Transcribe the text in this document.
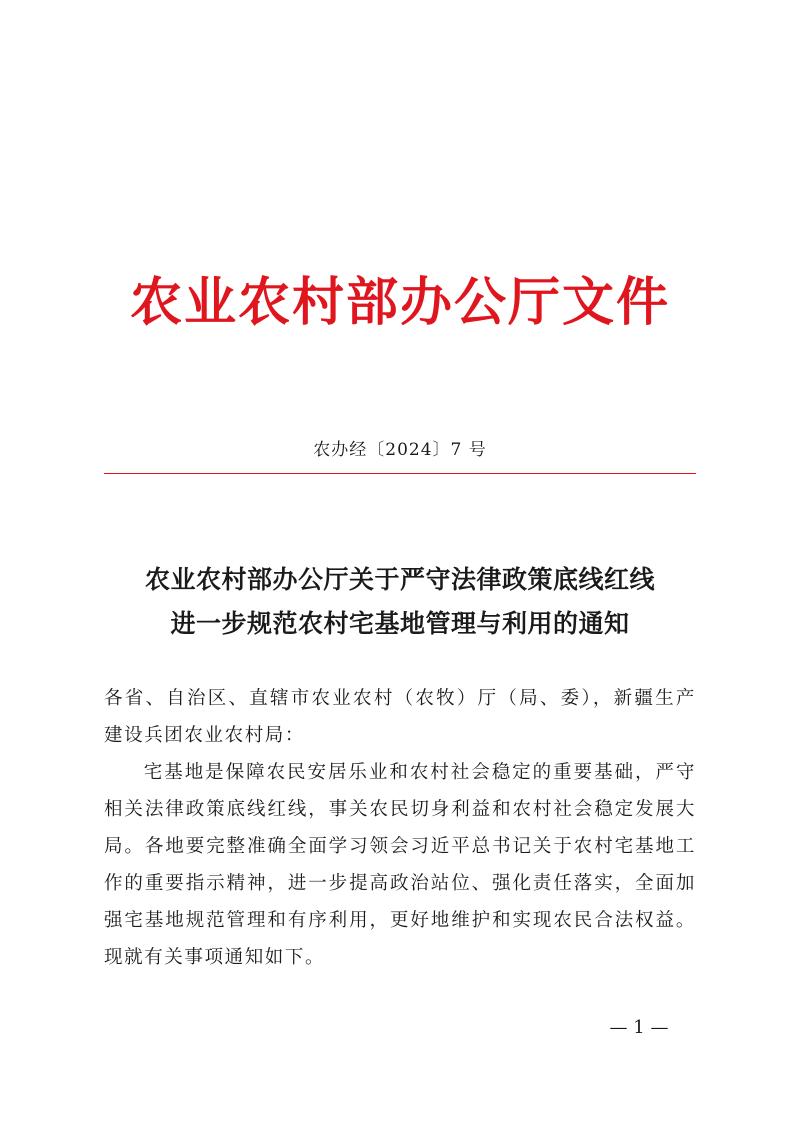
农业农村部办公厅文件
农办经〔2024〕7 号
农业农村部办公厅关于严守法律政策底线红线
进一步规范农村宅基地管理与利用的通知

各省、自治区、直辖市农业农村（农牧）厅（局、委），新疆生产建设兵团农业农村局：

宅基地是保障农民安居乐业和农村社会稳定的重要基础，严守相关法律政策底线红线，事关农民切身利益和农村社会稳定发展大局。各地要完整准确全面学习领会习近平总书记关于农村宅基地工作的重要指示精神，进一步提高政治站位、强化责任落实，全面加强宅基地规范管理和有序利用，更好地维护和实现农民合法权益。现就有关事项通知如下。

— 1 —
